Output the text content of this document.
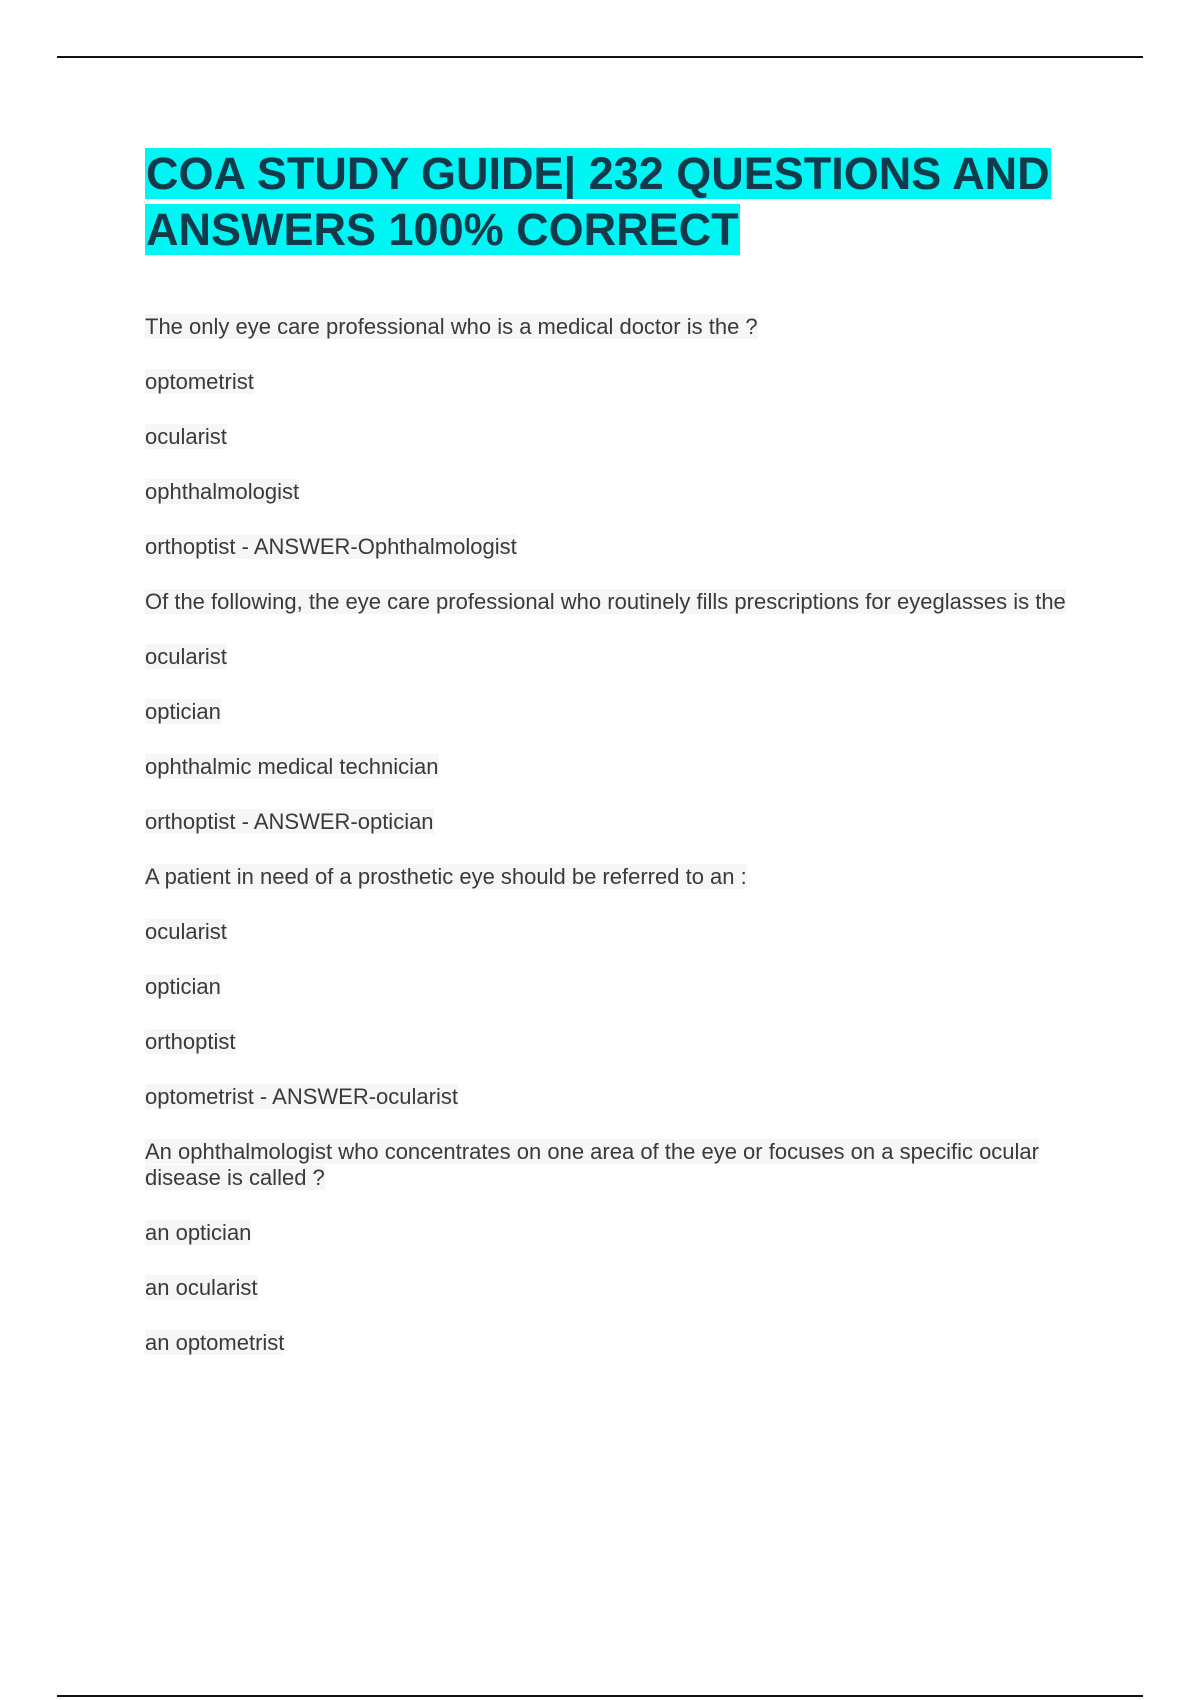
COA STUDY GUIDE| 232 QUESTIONS AND ANSWERS 100% CORRECT
The only eye care professional who is a medical doctor is the ?
optometrist
ocularist
ophthalmologist
orthoptist - ANSWER-Ophthalmologist
Of the following, the eye care professional who routinely fills prescriptions for eyeglasses is the
ocularist
optician
ophthalmic medical technician
orthoptist - ANSWER-optician
A patient in need of a prosthetic eye should be referred to an :
ocularist
optician
orthoptist
optometrist - ANSWER-ocularist
An ophthalmologist who concentrates on one area of the eye or focuses on a specific ocular disease is called ?
an optician
an ocularist
an optometrist
